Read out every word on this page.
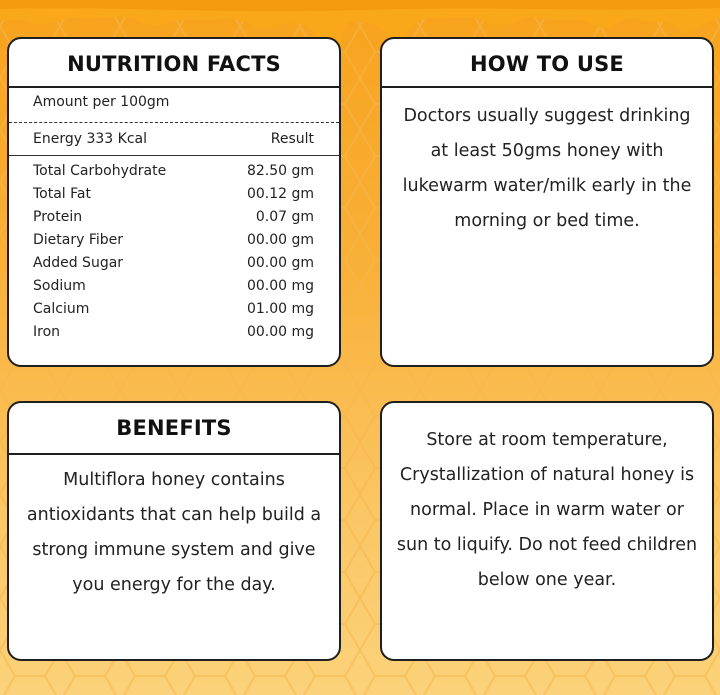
NUTRITION FACTS
Amount per 100gm
Energy 333 Kcal	Result
Total Carbohydrate	82.50 gm
Total Fat	00.12 gm
Protein	0.07 gm
Dietary Fiber	00.00 gm
Added Sugar	00.00 gm
Sodium	00.00 mg
Calcium	01.00 mg
Iron	00.00 mg
HOW TO USE
Doctors usually suggest drinking at least 50gms honey with lukewarm water/milk early in the morning or bed time.
BENEFITS
Multiflora honey contains antioxidants that can help build a strong immune system and give you energy for the day.
Store at room temperature, Crystallization of natural honey is normal. Place in warm water or sun to liquify. Do not feed children below one year.
